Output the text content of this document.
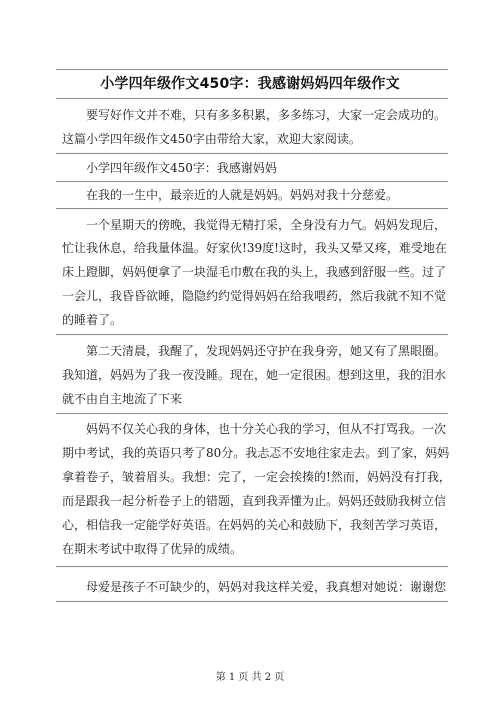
小学四年级作文450字：我感谢妈妈四年级作文
要写好作文并不难，只有多多积累，多多练习，大家一定会成功的。
这篇小学四年级作文450字由带给大家，欢迎大家阅读。
小学四年级作文450字：我感谢妈妈
在我的一生中，最亲近的人就是妈妈。妈妈对我十分慈爱。
一个星期天的傍晚，我觉得无精打采，全身没有力气。妈妈发现后，
忙让我休息，给我量体温。好家伙!39度!这时，我头又晕又疼，难受地在
床上蹬脚，妈妈便拿了一块湿毛巾敷在我的头上，我感到舒服一些。过了
一会儿，我昏昏欲睡，隐隐约约觉得妈妈在给我喂药，然后我就不知不觉
的睡着了。
第二天清晨，我醒了，发现妈妈还守护在我身旁，她又有了黑眼圈。
我知道，妈妈为了我一夜没睡。现在，她一定很困。想到这里，我的泪水
就不由自主地流了下来
妈妈不仅关心我的身体，也十分关心我的学习，但从不打骂我。一次
期中考试，我的英语只考了80分。我忐忑不安地往家走去。到了家，妈妈
拿着卷子，皱着眉头。我想：完了，一定会挨揍的!然而，妈妈没有打我，
而是跟我一起分析卷子上的错题，直到我弄懂为止。妈妈还鼓励我树立信
心，相信我一定能学好英语。在妈妈的关心和鼓励下，我刻苦学习英语，
在期末考试中取得了优异的成绩。
母爱是孩子不可缺少的，妈妈对我这样关爱，我真想对她说：谢谢您
第 1 页 共 2 页
